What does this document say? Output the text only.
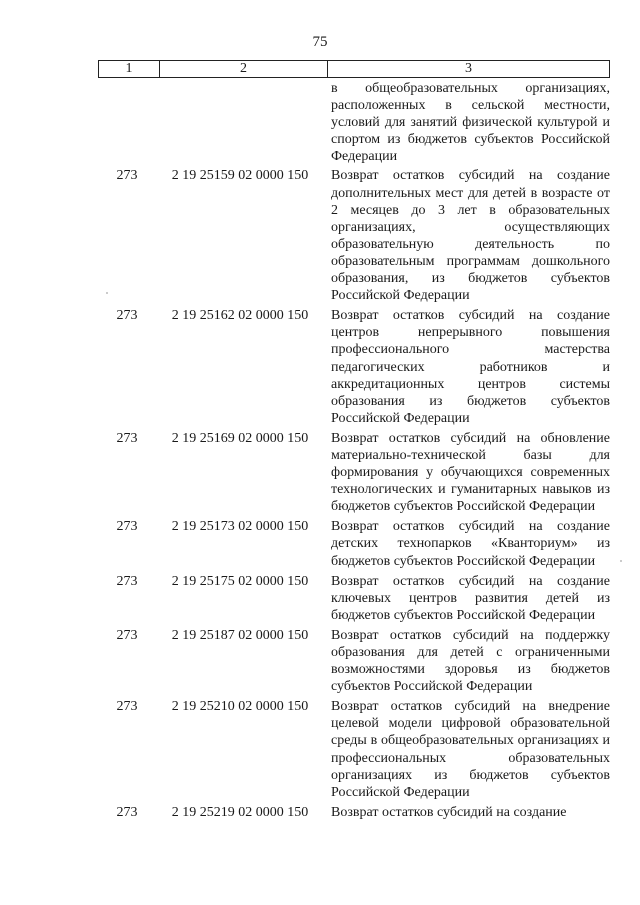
75
1	2	3
в общеобразовательных организациях, расположенных в сельской местности, условий для занятий физической культурой и спортом из бюджетов субъектов Российской Федерации
273	2 19 25159 02 0000 150	Возврат остатков субсидий на создание дополнительных мест для детей в возрасте от 2 месяцев до 3 лет в образовательных организациях, осуществляющих образовательную деятельность по образовательным программам дошкольного образования, из бюджетов субъектов Российской Федерации
273	2 19 25162 02 0000 150	Возврат остатков субсидий на создание центров непрерывного повышения профессионального мастерства педагогических работников и аккредитационных центров системы образования из бюджетов субъектов Российской Федерации
273	2 19 25169 02 0000 150	Возврат остатков субсидий на обновление материально-технической базы для формирования у обучающихся современных технологических и гуманитарных навыков из бюджетов субъектов Российской Федерации
273	2 19 25173 02 0000 150	Возврат остатков субсидий на создание детских технопарков «Кванториум» из бюджетов субъектов Российской Федерации
273	2 19 25175 02 0000 150	Возврат остатков субсидий на создание ключевых центров развития детей из бюджетов субъектов Российской Федерации
273	2 19 25187 02 0000 150	Возврат остатков субсидий на поддержку образования для детей с ограниченными возможностями здоровья из бюджетов субъектов Российской Федерации
273	2 19 25210 02 0000 150	Возврат остатков субсидий на внедрение целевой модели цифровой образовательной среды в общеобразовательных организациях и профессиональных образовательных организациях из бюджетов субъектов Российской Федерации
273	2 19 25219 02 0000 150	Возврат остатков субсидий на создание
